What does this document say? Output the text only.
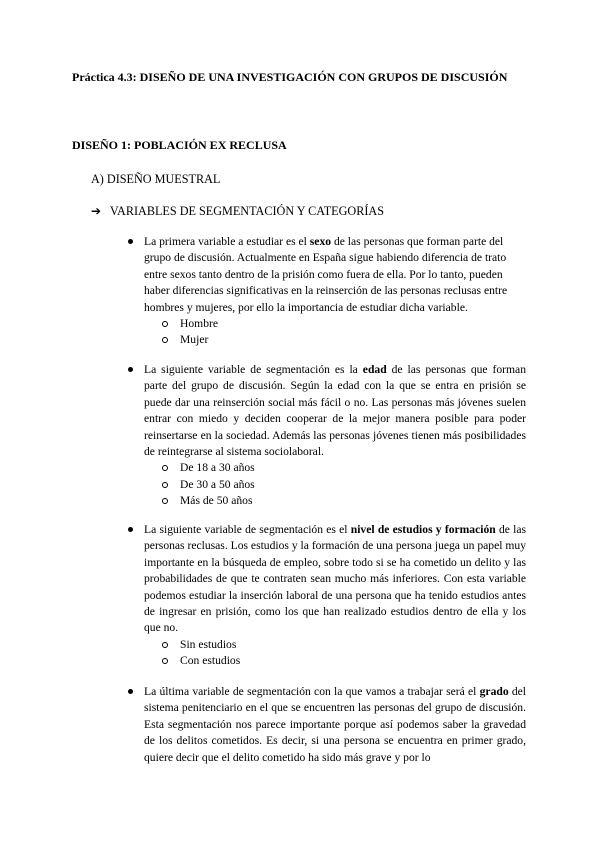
Práctica 4.3: DISEÑO DE UNA INVESTIGACIÓN CON GRUPOS DE DISCUSIÓN
DISEÑO 1: POBLACIÓN EX RECLUSA
A) DISEÑO MUESTRAL
➔ VARIABLES DE SEGMENTACIÓN Y CATEGORÍAS

La primera variable a estudiar es el sexo de las personas que forman parte del grupo de discusión. Actualmente en España sigue habiendo diferencia de trato entre sexos tanto dentro de la prisión como fuera de ella. Por lo tanto, pueden haber diferencias significativas en la reinserción de las personas reclusas entre hombres y mujeres, por ello la importancia de estudiar dicha variable.

Hombre
Mujer

La siguiente variable de segmentación es la edad de las personas que forman parte del grupo de discusión. Según la edad con la que se entra en prisión se puede dar una reinserción social más fácil o no. Las personas más jóvenes suelen entrar con miedo y deciden cooperar de la mejor manera posible para poder reinsertarse en la sociedad. Además las personas jóvenes tienen más posibilidades de reintegrarse al sistema sociolaboral.

De 18 a 30 años
De 30 a 50 años
Más de 50 años

La siguiente variable de segmentación es el nivel de estudios y formación de las personas reclusas. Los estudios y la formación de una persona juega un papel muy importante en la búsqueda de empleo, sobre todo si se ha cometido un delito y las probabilidades de que te contraten sean mucho más inferiores. Con esta variable podemos estudiar la inserción laboral de una persona que ha tenido estudios antes de ingresar en prisión, como los que han realizado estudios dentro de ella y los que no.

Sin estudios
Con estudios

La última variable de segmentación con la que vamos a trabajar será el grado del sistema penitenciario en el que se encuentren las personas del grupo de discusión. Esta segmentación nos parece importante porque así podemos saber la gravedad de los delitos cometidos. Es decir, si una persona se encuentra en primer grado, quiere decir que el delito cometido ha sido más grave y por lo
